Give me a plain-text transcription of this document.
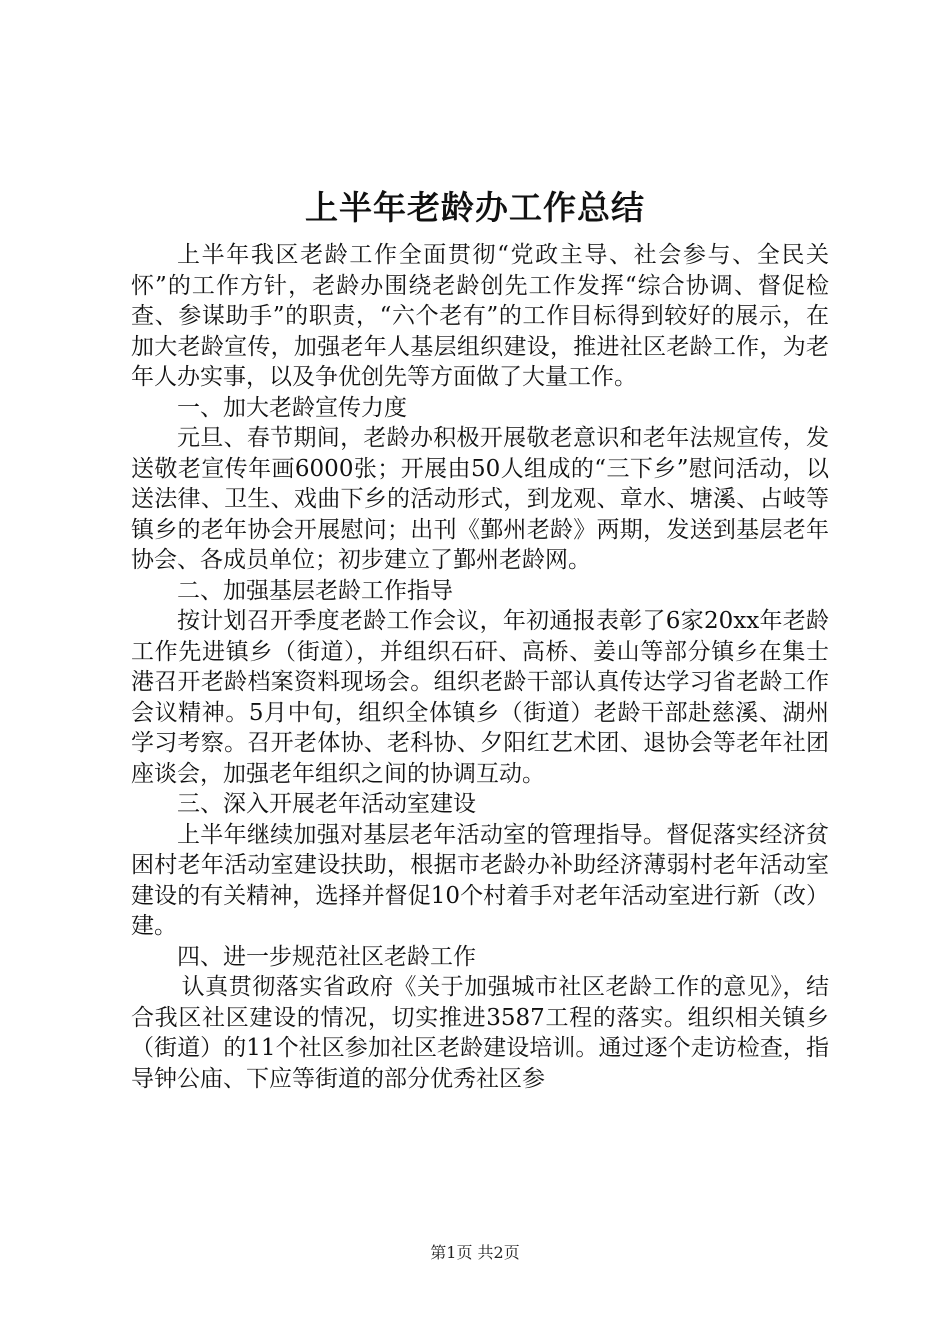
上半年老龄办工作总结

上半年我区老龄工作全面贯彻“党政主导、社会参与、全民关怀”的工作方针，老龄办围绕老龄创先工作发挥“综合协调、督促检查、参谋助手”的职责，“六个老有”的工作目标得到较好的展示，在加大老龄宣传，加强老年人基层组织建设，推进社区老龄工作，为老年人办实事，以及争优创先等方面做了大量工作。

一、加大老龄宣传力度

元旦、春节期间，老龄办积极开展敬老意识和老年法规宣传，发送敬老宣传年画6000张；开展由50人组成的“三下乡”慰问活动，以送法律、卫生、戏曲下乡的活动形式，到龙观、章水、塘溪、占岐等镇乡的老年协会开展慰问；出刊《鄞州老龄》两期，发送到基层老年协会、各成员单位；初步建立了鄞州老龄网。

二、加强基层老龄工作指导

按计划召开季度老龄工作会议，年初通报表彰了6家20xx年老龄工作先进镇乡（街道），并组织石矸、高桥、姜山等部分镇乡在集士港召开老龄档案资料现场会。组织老龄干部认真传达学习省老龄工作会议精神。5月中旬，组织全体镇乡（街道）老龄干部赴慈溪、湖州学习考察。召开老体协、老科协、夕阳红艺术团、退协会等老年社团座谈会，加强老年组织之间的协调互动。

三、深入开展老年活动室建设

上半年继续加强对基层老年活动室的管理指导。督促落实经济贫困村老年活动室建设扶助，根据市老龄办补助经济薄弱村老年活动室建设的有关精神，选择并督促10个村着手对老年活动室进行新（改）建。

四、进一步规范社区老龄工作

认真贯彻落实省政府《关于加强城市社区老龄工作的意见》，结合我区社区建设的情况，切实推进3587工程的落实。组织相关镇乡（街道）的11个社区参加社区老龄建设培训。通过逐个走访检查，指导钟公庙、下应等街道的部分优秀社区参

第1页 共2页
